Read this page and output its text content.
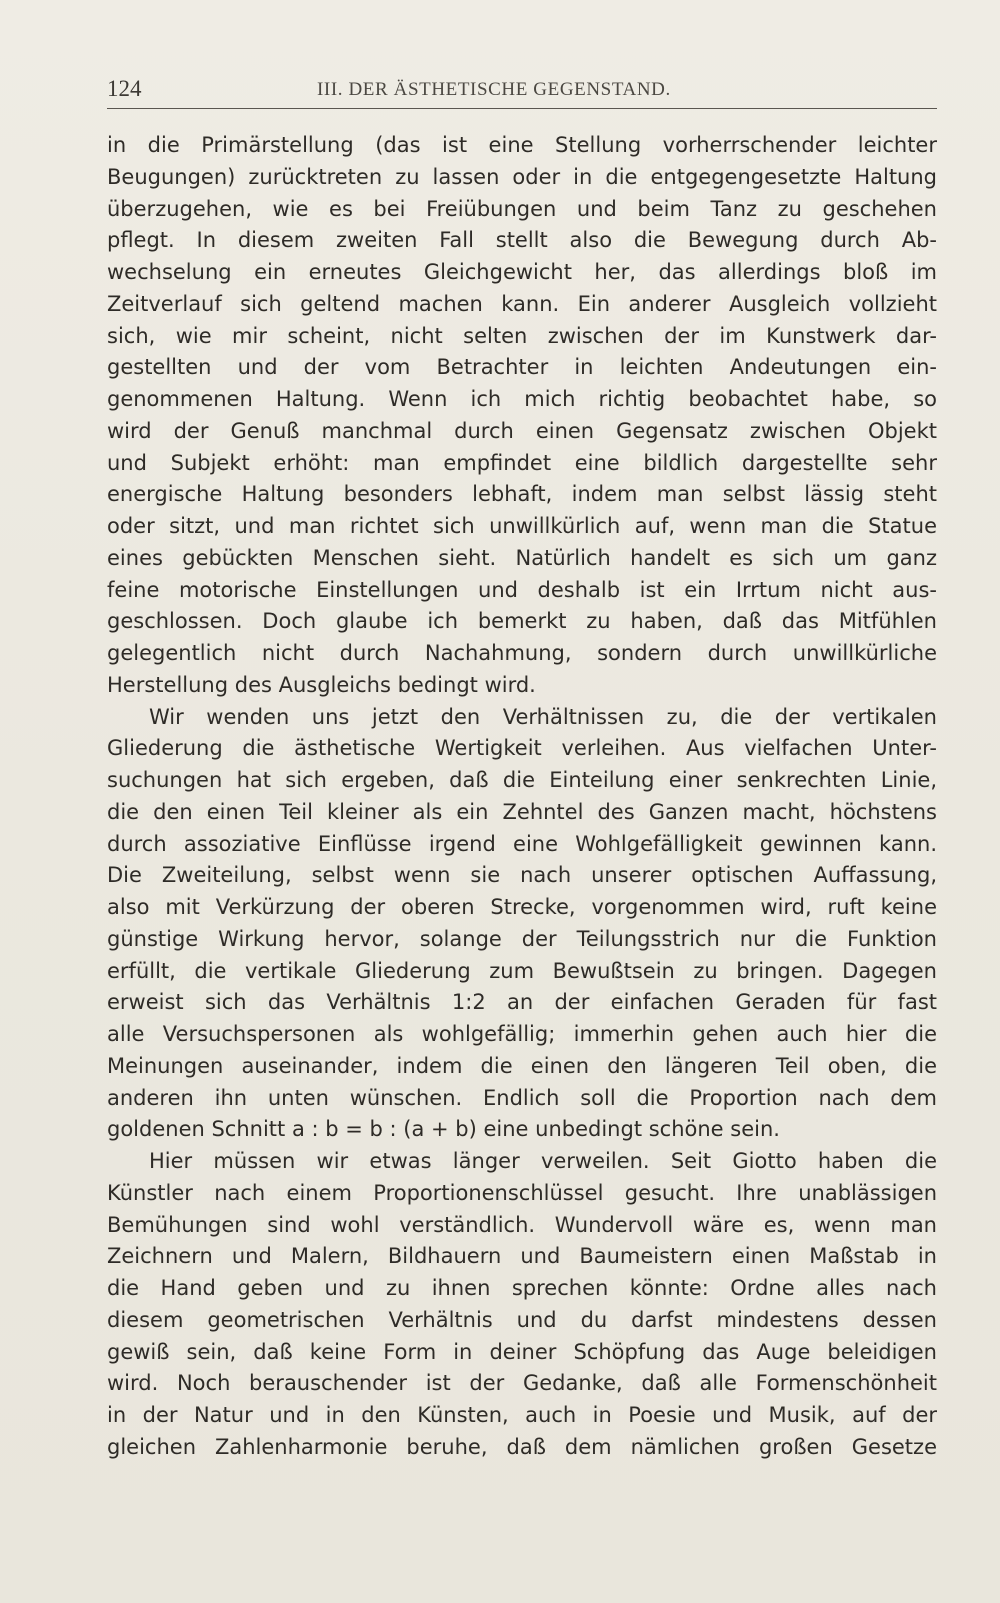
124	III. DER ÄSTHETISCHE GEGENSTAND.
in die Primärstellung (das ist eine Stellung vorherrschender leichter
Beugungen) zurücktreten zu lassen oder in die entgegengesetzte Haltung
überzugehen, wie es bei Freiübungen und beim Tanz zu geschehen
pflegt. In diesem zweiten Fall stellt also die Bewegung durch Ab-
wechselung ein erneutes Gleichgewicht her, das allerdings bloß im
Zeitverlauf sich geltend machen kann. Ein anderer Ausgleich vollzieht
sich, wie mir scheint, nicht selten zwischen der im Kunstwerk dar-
gestellten und der vom Betrachter in leichten Andeutungen ein-
genommenen Haltung. Wenn ich mich richtig beobachtet habe, so
wird der Genuß manchmal durch einen Gegensatz zwischen Objekt
und Subjekt erhöht: man empfindet eine bildlich dargestellte sehr
energische Haltung besonders lebhaft, indem man selbst lässig steht
oder sitzt, und man richtet sich unwillkürlich auf, wenn man die Statue
eines gebückten Menschen sieht. Natürlich handelt es sich um ganz
feine motorische Einstellungen und deshalb ist ein Irrtum nicht aus-
geschlossen. Doch glaube ich bemerkt zu haben, daß das Mitfühlen
gelegentlich nicht durch Nachahmung, sondern durch unwillkürliche
Herstellung des Ausgleichs bedingt wird.
Wir wenden uns jetzt den Verhältnissen zu, die der vertikalen
Gliederung die ästhetische Wertigkeit verleihen. Aus vielfachen Unter-
suchungen hat sich ergeben, daß die Einteilung einer senkrechten Linie,
die den einen Teil kleiner als ein Zehntel des Ganzen macht, höchstens
durch assoziative Einflüsse irgend eine Wohlgefälligkeit gewinnen kann.
Die Zweiteilung, selbst wenn sie nach unserer optischen Auffassung,
also mit Verkürzung der oberen Strecke, vorgenommen wird, ruft keine
günstige Wirkung hervor, solange der Teilungsstrich nur die Funktion
erfüllt, die vertikale Gliederung zum Bewußtsein zu bringen. Dagegen
erweist sich das Verhältnis 1:2 an der einfachen Geraden für fast
alle Versuchspersonen als wohlgefällig; immerhin gehen auch hier die
Meinungen auseinander, indem die einen den längeren Teil oben, die
anderen ihn unten wünschen. Endlich soll die Proportion nach dem
goldenen Schnitt a : b = b : (a + b) eine unbedingt schöne sein.
Hier müssen wir etwas länger verweilen. Seit Giotto haben die
Künstler nach einem Proportionenschlüssel gesucht. Ihre unablässigen
Bemühungen sind wohl verständlich. Wundervoll wäre es, wenn man
Zeichnern und Malern, Bildhauern und Baumeistern einen Maßstab in
die Hand geben und zu ihnen sprechen könnte: Ordne alles nach
diesem geometrischen Verhältnis und du darfst mindestens dessen
gewiß sein, daß keine Form in deiner Schöpfung das Auge beleidigen
wird. Noch berauschender ist der Gedanke, daß alle Formenschönheit
in der Natur und in den Künsten, auch in Poesie und Musik, auf der
gleichen Zahlenharmonie beruhe, daß dem nämlichen großen Gesetze
